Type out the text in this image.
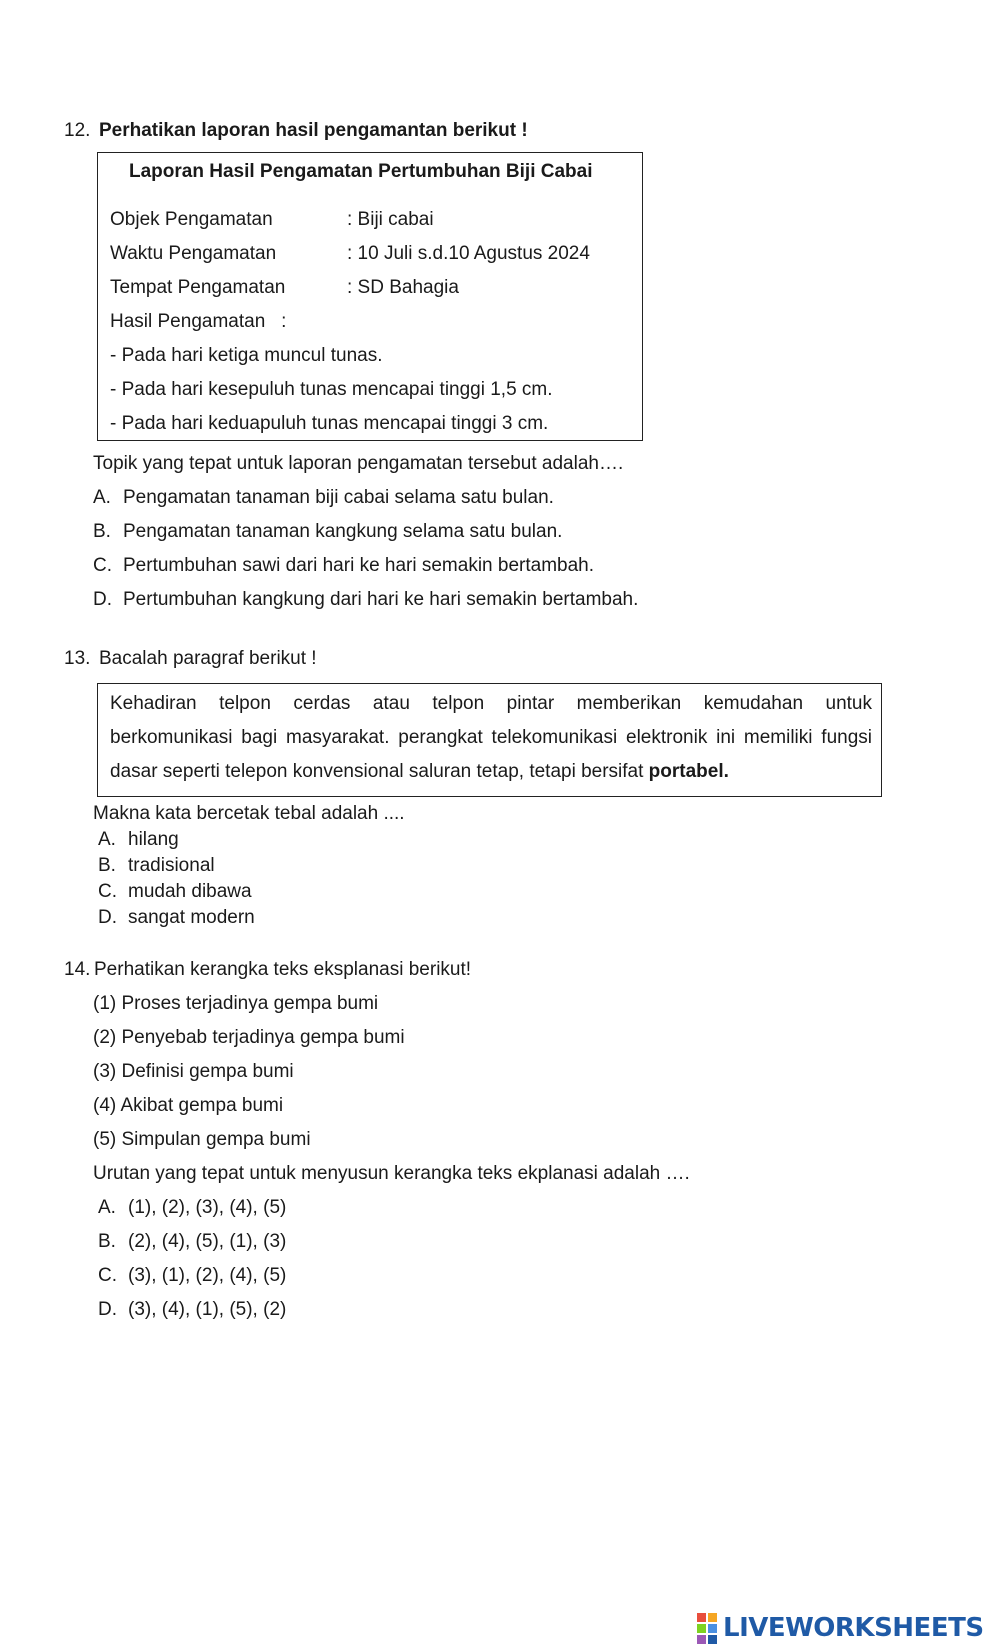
12. Perhatikan laporan hasil pengamantan berikut !
Laporan Hasil Pengamatan Pertumbuhan Biji Cabai
Objek Pengamatan	: Biji cabai
Waktu Pengamatan	: 10 Juli s.d.10 Agustus 2024
Tempat Pengamatan	: SD Bahagia
Hasil Pengamatan   :
- Pada hari ketiga muncul tunas.
- Pada hari kesepuluh tunas mencapai tinggi 1,5 cm.
- Pada hari keduapuluh tunas mencapai tinggi 3 cm.
Topik yang tepat untuk laporan pengamatan tersebut adalah….
A. Pengamatan tanaman biji cabai selama satu bulan.
B. Pengamatan tanaman kangkung selama satu bulan.
C. Pertumbuhan sawi dari hari ke hari semakin bertambah.
D. Pertumbuhan kangkung dari hari ke hari semakin bertambah.
13. Bacalah paragraf berikut !
Kehadiran telpon cerdas atau telpon pintar memberikan kemudahan untuk
berkomunikasi bagi masyarakat. perangkat telekomunikasi elektronik ini memiliki fungsi
dasar seperti telepon konvensional saluran tetap, tetapi bersifat portabel.
Makna kata bercetak tebal adalah ....
A. hilang
B. tradisional
C. mudah dibawa
D. sangat modern
14. Perhatikan kerangka teks eksplanasi berikut!
(1) Proses terjadinya gempa bumi
(2) Penyebab terjadinya gempa bumi
(3) Definisi gempa bumi
(4) Akibat gempa bumi
(5) Simpulan gempa bumi
Urutan yang tepat untuk menyusun kerangka teks ekplanasi adalah ….
A. (1), (2), (3), (4), (5)
B. (2), (4), (5), (1), (3)
C. (3), (1), (2), (4), (5)
D. (3), (4), (1), (5), (2)
LIVEWORKSHEETS
